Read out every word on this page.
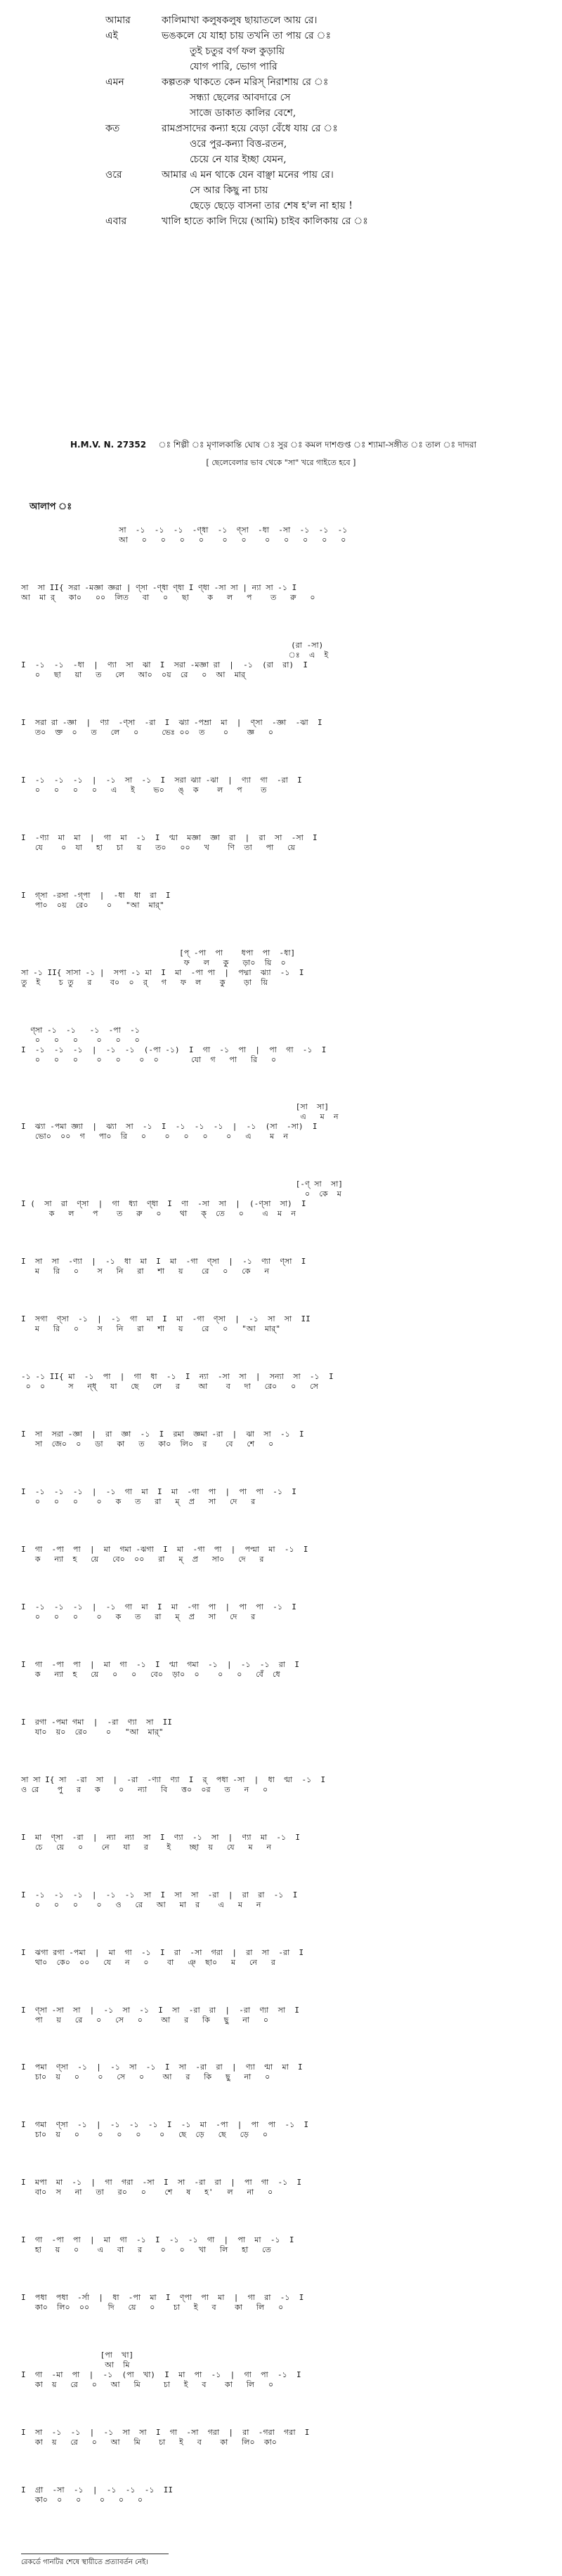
আমার	কালিমাখা কলুষকলুষ ছায়াতলে আয় রে।
এই	ভঙকলে যে যাহা চায় তখনি তা পায় রে ঃ
তুই চতুর বর্গ ফল কুড়ায়ি
যোগ পারি, ভোগ পারি
এমন	কল্পতরু থাকতে কেন মরিস্ নিরাশায় রে ঃ
সন্ধ্যা ছেলের আবদারে সে
সাজে ডাকাত কালির বেশে,
কত	রামপ্রসাদের কন্যা হয়ে বেড়া বেঁধে যায় রে ঃ
ওরে পুর-কন্যা বিত্ত-রতন,
চেয়ে নে যার ইচ্ছা যেমন,
ওরে	আমার এ মন থাকে যেন বাঞ্ছা মনের পায় রে।
সে আর কিছু না চায়
ছেড়ে ছেড়ে বাসনা তার শেষ হ'ল না হায় !
এবার	খালি হাতে কালি দিয়ে (আমি) চাইব কালিকায় রে ঃ
H.M.V. N. 27352	ঃ শিল্পী ঃ মৃণালকান্তি ঘোষ ঃ সুর ঃ কমল দাশগুপ্ত ঃ শ্যামা-সঙ্গীত ঃ তাল ঃ দাদরা
[ ছেলেবেলার ভাব থেকে "সা" খরে গাইতে হবে ]
আলাপ ঃ
সা  -১  -১  -১  -ণ্ধা  -১  ণ্সা  -ধা  -সা  -১  -১  -১
আ   ০   ০   ০   ০    ০   ০    ০   ০   ০   ০   ০
সা  সা II{ সরা -মজ্ঞা জ্ঞরা | ণ্সা -ণ্ধা ণ্ধা I ণ্ধা -সা সা | ন্যা সা -১ I
আ  মা ‍র্‌   কা০   ০০  লিত   বা   ০   ছা    ক   ল   প    ত   রু   ০
(রা -সা)
ঃ  এ  ই
I  -১  -১  -ধা  |  ণ্যা  সা  ঝা  I  সরা -মজ্ঞা রা  |  -১  (রা  রা)  I
০   ছা   য়া   ত   লে   আ০  ০য়  রে   ০  আ  মা‍র্‌
I  সরা রা -জ্ঞা  |  ণ্যা  -ণ্সা  -রা  I  ঝ্যা -পম্রা  মা  |  ণ্সা  -জ্ঞা  -ঝা  I
ত০  ক্ত  ০   ত   লে   ০     ভেঃ ০০  ত    ০    জ্ঞ   ০
I  -১  -১  -১  |  -১  সা  -১  I  সরা ঝ্যা -ঝা  |  ণ্যা  গা  -রা  I
০   ০   ০   ০   এ   ই    ভ০   ঙ্‌  ক    ল   প    ত
I  -ণ্যা  মা  মা  |  গা  মা  -১  I  ণ্মা  মজ্ঞা  জ্ঞা  রা  |  রা  সা  -সা  I
যে    ০  যা   হা   চা   য়   ত০   ০০   খ    ণি  তা   পা   য়ে
I  গ্‌সা -রসা -গ্‌পা  |  -ধা  ধা  রা  I
পা০  ০য়  রে০    ০   "আ  মা‍র্"
[প্‌ -পা  পা    ধপা  পা  -ধা]
ফ   ল   কু   ড়া০  য়ি  ০
সা -১ II{ সাসা -১ |  সপা -১ মা  I  মা  -পা পা  |  পদ্মা  ঝ্যা  -১  I
তু  ই    চ তু   র    ব০  ০  র্‌   গ   ফ  ল    কু    ড়া  য়ি
ণ্সা -১  -১   -১  -পা  -১
০   ০   ০    ০   ০   ০
I  -১  -১  -১  |  -১  -১  (-পা -১)  I  গা  -১  পা  |  পা  গা  -১  I
০   ০   ০    ০   ০    ০  ০       যো  গ   পা   রি   ০
[সা  সা]
এ   ম  ন
I  ঝ্যা -পমা জ্ঞ্যা  |  ঝ্যা  সা  -১  I  -১  -১  -১  |  -১  (সা  -সা)  I
ভো০  ০০  গ   পা০  রি   ০    ০   ০   ০    ০   এ    ম  ন
[-ণ্ সা  সা]
০  কে  ম
I (  সা  রা  ণ্সা  |  গা  ধ্যা  ণ্ধা  I  ণা  -সা  সা  |  (-ণ্সা  সা)  I
ক   ল    প    ত   রু   ০    থা   ক্‌  তে   ০    এ  ম  ন
I  সা  সা  -ণ্যা  |  -১  ধা  মা  I  মা  -গা  ণ্সা  |  -১  ণ্যা  ণ্সা  I
ম   রি   ০    স   নি   রা   শা   য়    রে   ০   কে   ন
I  সগা  ণ্সা  -১  |  -১  গা  মা  I  মা  -গা  ণ্সা  |  -১  সা  সা  II
ম   রি   ০    স   নি   রা   শা   য়    রে   ০   "আ  মা‍র্"
-১ -১ II{ মা  -১  পা  |  গা  ধা  -১  I  ন্যা  -সা  সা  |  সন্যা  সা  -১  I
০  ০     স   ন্ধ্‌   যা   ছে   লে   র    আ    ব   দা   রে০   ০   সে
I  সা  সরা -জ্ঞা  |  রা  জ্ঞা  -১  I  রমা  জ্ঞমা -রা  |  ঝা  সা  -১  I
সা  জে০  ০   ডা   কা   ত   কা০  লি০  র    বে   শে   ০
I  -১  -১  -১  |  -১  গা  মা  I  মা  -গা  পা  |  পা  পা  -১  I
০   ০   ০    ০   ক   ত   রা   ম্‌  প্র   সা   দে   র
I  গা  -পা  পা  |  মা  গমা -ঝগা  I  মা  -গা  পা  |  পপ্মা  মা  -১  I
ক   ন্যা  হ   য়ে   বে০  ০০   রা   ম্‌  প্র   সা০   দে   র
I  -১  -১  -১  |  -১  গা  মা  I  মা  -গা  পা  |  পা  পা  -১  I
০   ০   ০    ০   ক   ত   রা   ম্‌  প্র   সা   দে   র
I  গা  -পা  পা  |  মা  গা  -১  I  ণ্মা  গমা  -১  |  -১  -১  রা  I
ক   ন্যা  হ   য়ে   ০   ০   বে০  ড়া০  ০    ০   ০   বেঁ  ধে
I  রগা -পমা গমা  |  -রা  ণ্যা  সা  II
যা০  য়০  রে০    ০   "আ  মা‍র্"
সা সা I{ সা  -রা  সা  |  -রা  -ণ্যা  ণ্যা  I  র্‌  পধা -সা  |  ধা  ণ্মা  -১  I
ও রে    পু   র   ক    ০   ন্যা   বি   ত্ত০  ০র   ত   ন   ০
I  মা  ণ্সা  -রা  |  ন্যা  ন্যা  সা  I  ণ্যা  -১  সা  |  ণ্যা  মা  -১  I
চে   য়ে   ০    নে   যা   র    ই    চ্ছা  য়   যে   ম   ন
I  -১  -১  -১  |  -১  -১  সা  I  সা  সা  -রা  |  রা  রা  -১  I
০   ০   ০    ০   ও   রে   আ   মা  র    এ   ম   ন
I  ঝগা রগা -পমা  |  মা  গা  -১  I  রা  -সা  গরা  |  রা  সা  -রা  I
থা০  কে০  ০০   যে   ন   ০    বা   ঞ্‌  ছা০   ম   নে   র
I  ণ্সা -সা  সা  |  -১  সা  -১  I  সা  -রা  রা  |  -রা  ণ্যা  সা  I
পা   য়   রে   ০   সে   ০    আ   র   কি   ছু   না   ০
I  পমা  ণ্সা  -১  |  -১  সা  -১  I  সা  -রা  রা  |  ণ্যা  ণ্মা  মা  I
চা০  য়   ০    ০   সে   ০    আ   র   কি   ছু   না   ০
I  গমা  ণ্সা  -১  |  -১  -১  -১  I  -১  মা  -পা  |  পা  পা  -১  I
চা০  য়   ০    ০   ০   ০    ০   ছে  ড়ে   ছে   ড়ে   ০
I  মপা  মা  -১  |  গা  গরা  -সা  I  সা  -রা  রা  |  পা  গা  -১  I
বা০  স   না   তা   র০   ০    শে   ষ   হ'   ল   না   ০
I  গা  -পা  পা  |  মা  গা  -১  I  -১  -১  গা  |  পা  মা  -১  I
হা   য়   ০    এ   বা   র    ০   ০   খা   লি   হা   তে
I  পধা  পধা  -র্সা  |  ধা  -পা  মা  I  ণ্পা  পা  মা  |  গা  রা  -১  I
কা০  লি০  ০০    দি   য়ে   ০    চা   ই   ব    কা   লি   ০
[পা  খা]
আ  মি
I  গা  -মা  পা  |  -১  (পা  খা)  I  মা  পা  -১  |  গা  পা  -১  I
কা  য়   রে   ০   আ   মি     চা   ই   ব    কা   লি   ০
I  সা  -১  -১  |  -১  সা  সা  I  গা  -সা  গরা  |  রা  -গরা  গরা  I
কা  য়   রে   ০   আ   মি    চা   ই   ব    কা   লি০  কা০
I  গ্রা  -সা  -১  |  -১  -১  -১  II
কা০  ০   ০    ০   ০   ০
রেকর্ডে গানটির শেষে স্থায়ীতে প্রত্যাবর্তন নেই।
